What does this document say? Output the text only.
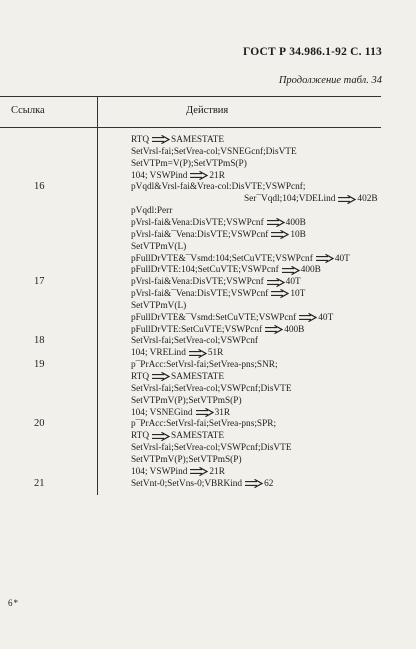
ГОСТ Р 34.986.1-92 С. 113
Продолжение табл. 34
Ссылка	Действия
16
17
18
19
20
21
RTQ SAMESTATE
SetVrsl-fai;SetVrea-col;VSNEGcnf;DisVTE
SetVTPm=V(P);SetVTPmS(P)
104; VSWPind 21R
pVqdl&Vrsl-fai&Vrea-col:DisVTE;VSWPcnf;
Ser¯Vqdl;104;VDELind 402B
pVqdl:Perr
pVrsl-fai&Vena:DisVTE;VSWPcnf 400B
pVrsl-fai&¯Vena:DisVTE;VSWPcnf 10B
SetVTPmV(L)
pFullDrVTE&¯Vsmd:104;SetCuVTE;VSWPcnf 40T
pFullDrVTE:104;SetCuVTE;VSWPcnf 400B
pVrsl-fai&Vena:DisVTE;VSWPcnf 40T
pVrsl-fai&¯Vena:DisVTE;VSWPcnf 10T
SetVTPmV(L)
pFullDrVTE&¯Vsmd:SetCuVTE;VSWPcnf 40T
pFullDrVTE:SetCuVTE;VSWPcnf 400B
SetVrsl-fai;SetVrea-col;VSWPcnf
104; VRELind 51R
p¯PrAcc:SetVrsl-fai;SetVrea-pns;SNR;
RTQ SAMESTATE
SetVrsl-fai;SetVrea-col;VSWPcnf;DisVTE
SetVTPmV(P);SetVTPmS(P)
104; VSNEGind 31R
p¯PrAcc:SetVrsl-fai;SetVrea-pns;SPR;
RTQ SAMESTATE
SetVrsl-fai;SetVrea-col;VSWPcnf;DisVTE
SetVTPmV(P);SetVTPmS(P)
104; VSWPind 21R
SetVnt-0;SetVns-0;VBRKind 62
6*
